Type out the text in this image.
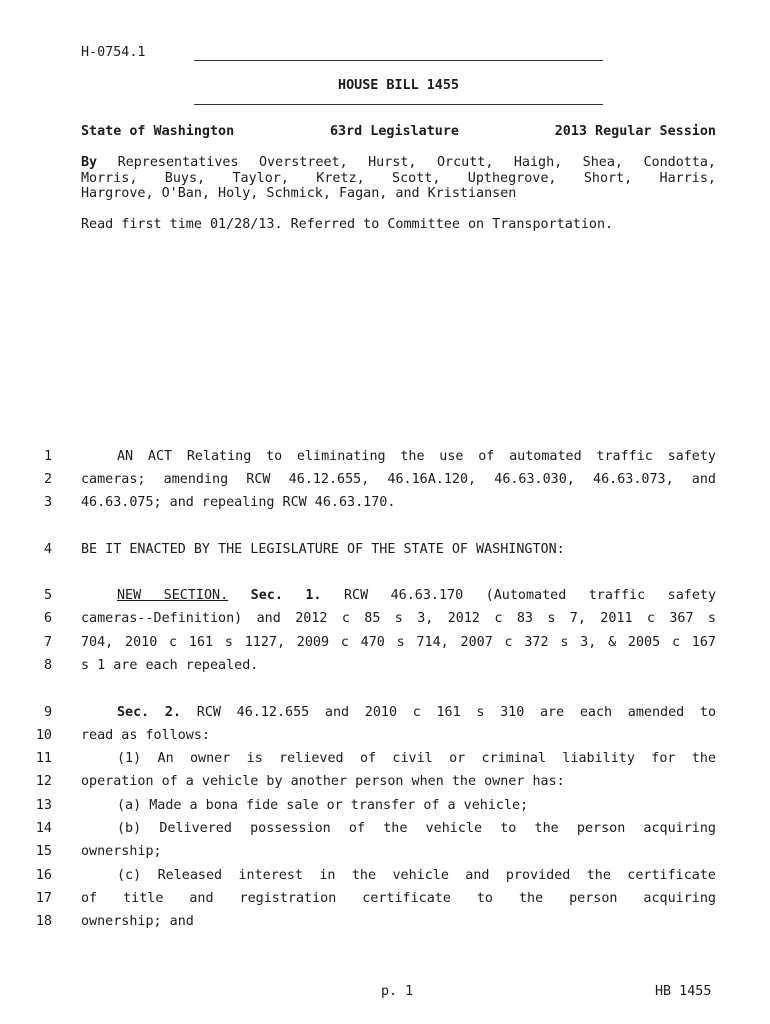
H-0754.1
HOUSE BILL 1455
State of Washington	63rd Legislature	2013 Regular Session
By Representatives Overstreet, Hurst, Orcutt, Haigh, Shea, Condotta,
Morris, Buys, Taylor, Kretz, Scott, Upthegrove, Short, Harris,
Hargrove, O'Ban, Holy, Schmick, Fagan, and Kristiansen
Read first time 01/28/13. Referred to Committee on Transportation.
1	AN ACT Relating to eliminating the use of automated traffic safety
2 cameras; amending RCW 46.12.655, 46.16A.120, 46.63.030, 46.63.073, and
3 46.63.075; and repealing RCW 46.63.170.
4 BE IT ENACTED BY THE LEGISLATURE OF THE STATE OF WASHINGTON:
5	NEW SECTION. Sec. 1. RCW 46.63.170 (Automated traffic safety
6 cameras--Definition) and 2012 c 85 s 3, 2012 c 83 s 7, 2011 c 367 s
7 704, 2010 c 161 s 1127, 2009 c 470 s 714, 2007 c 372 s 3, & 2005 c 167
8 s 1 are each repealed.
9	Sec. 2. RCW 46.12.655 and 2010 c 161 s 310 are each amended to
10 read as follows:
11	(1) An owner is relieved of civil or criminal liability for the
12 operation of a vehicle by another person when the owner has:
13	(a) Made a bona fide sale or transfer of a vehicle;
14	(b) Delivered possession of the vehicle to the person acquiring
15 ownership;
16	(c) Released interest in the vehicle and provided the certificate
17 of title and registration certificate to the person acquiring
18 ownership; and
p. 1	HB 1455
